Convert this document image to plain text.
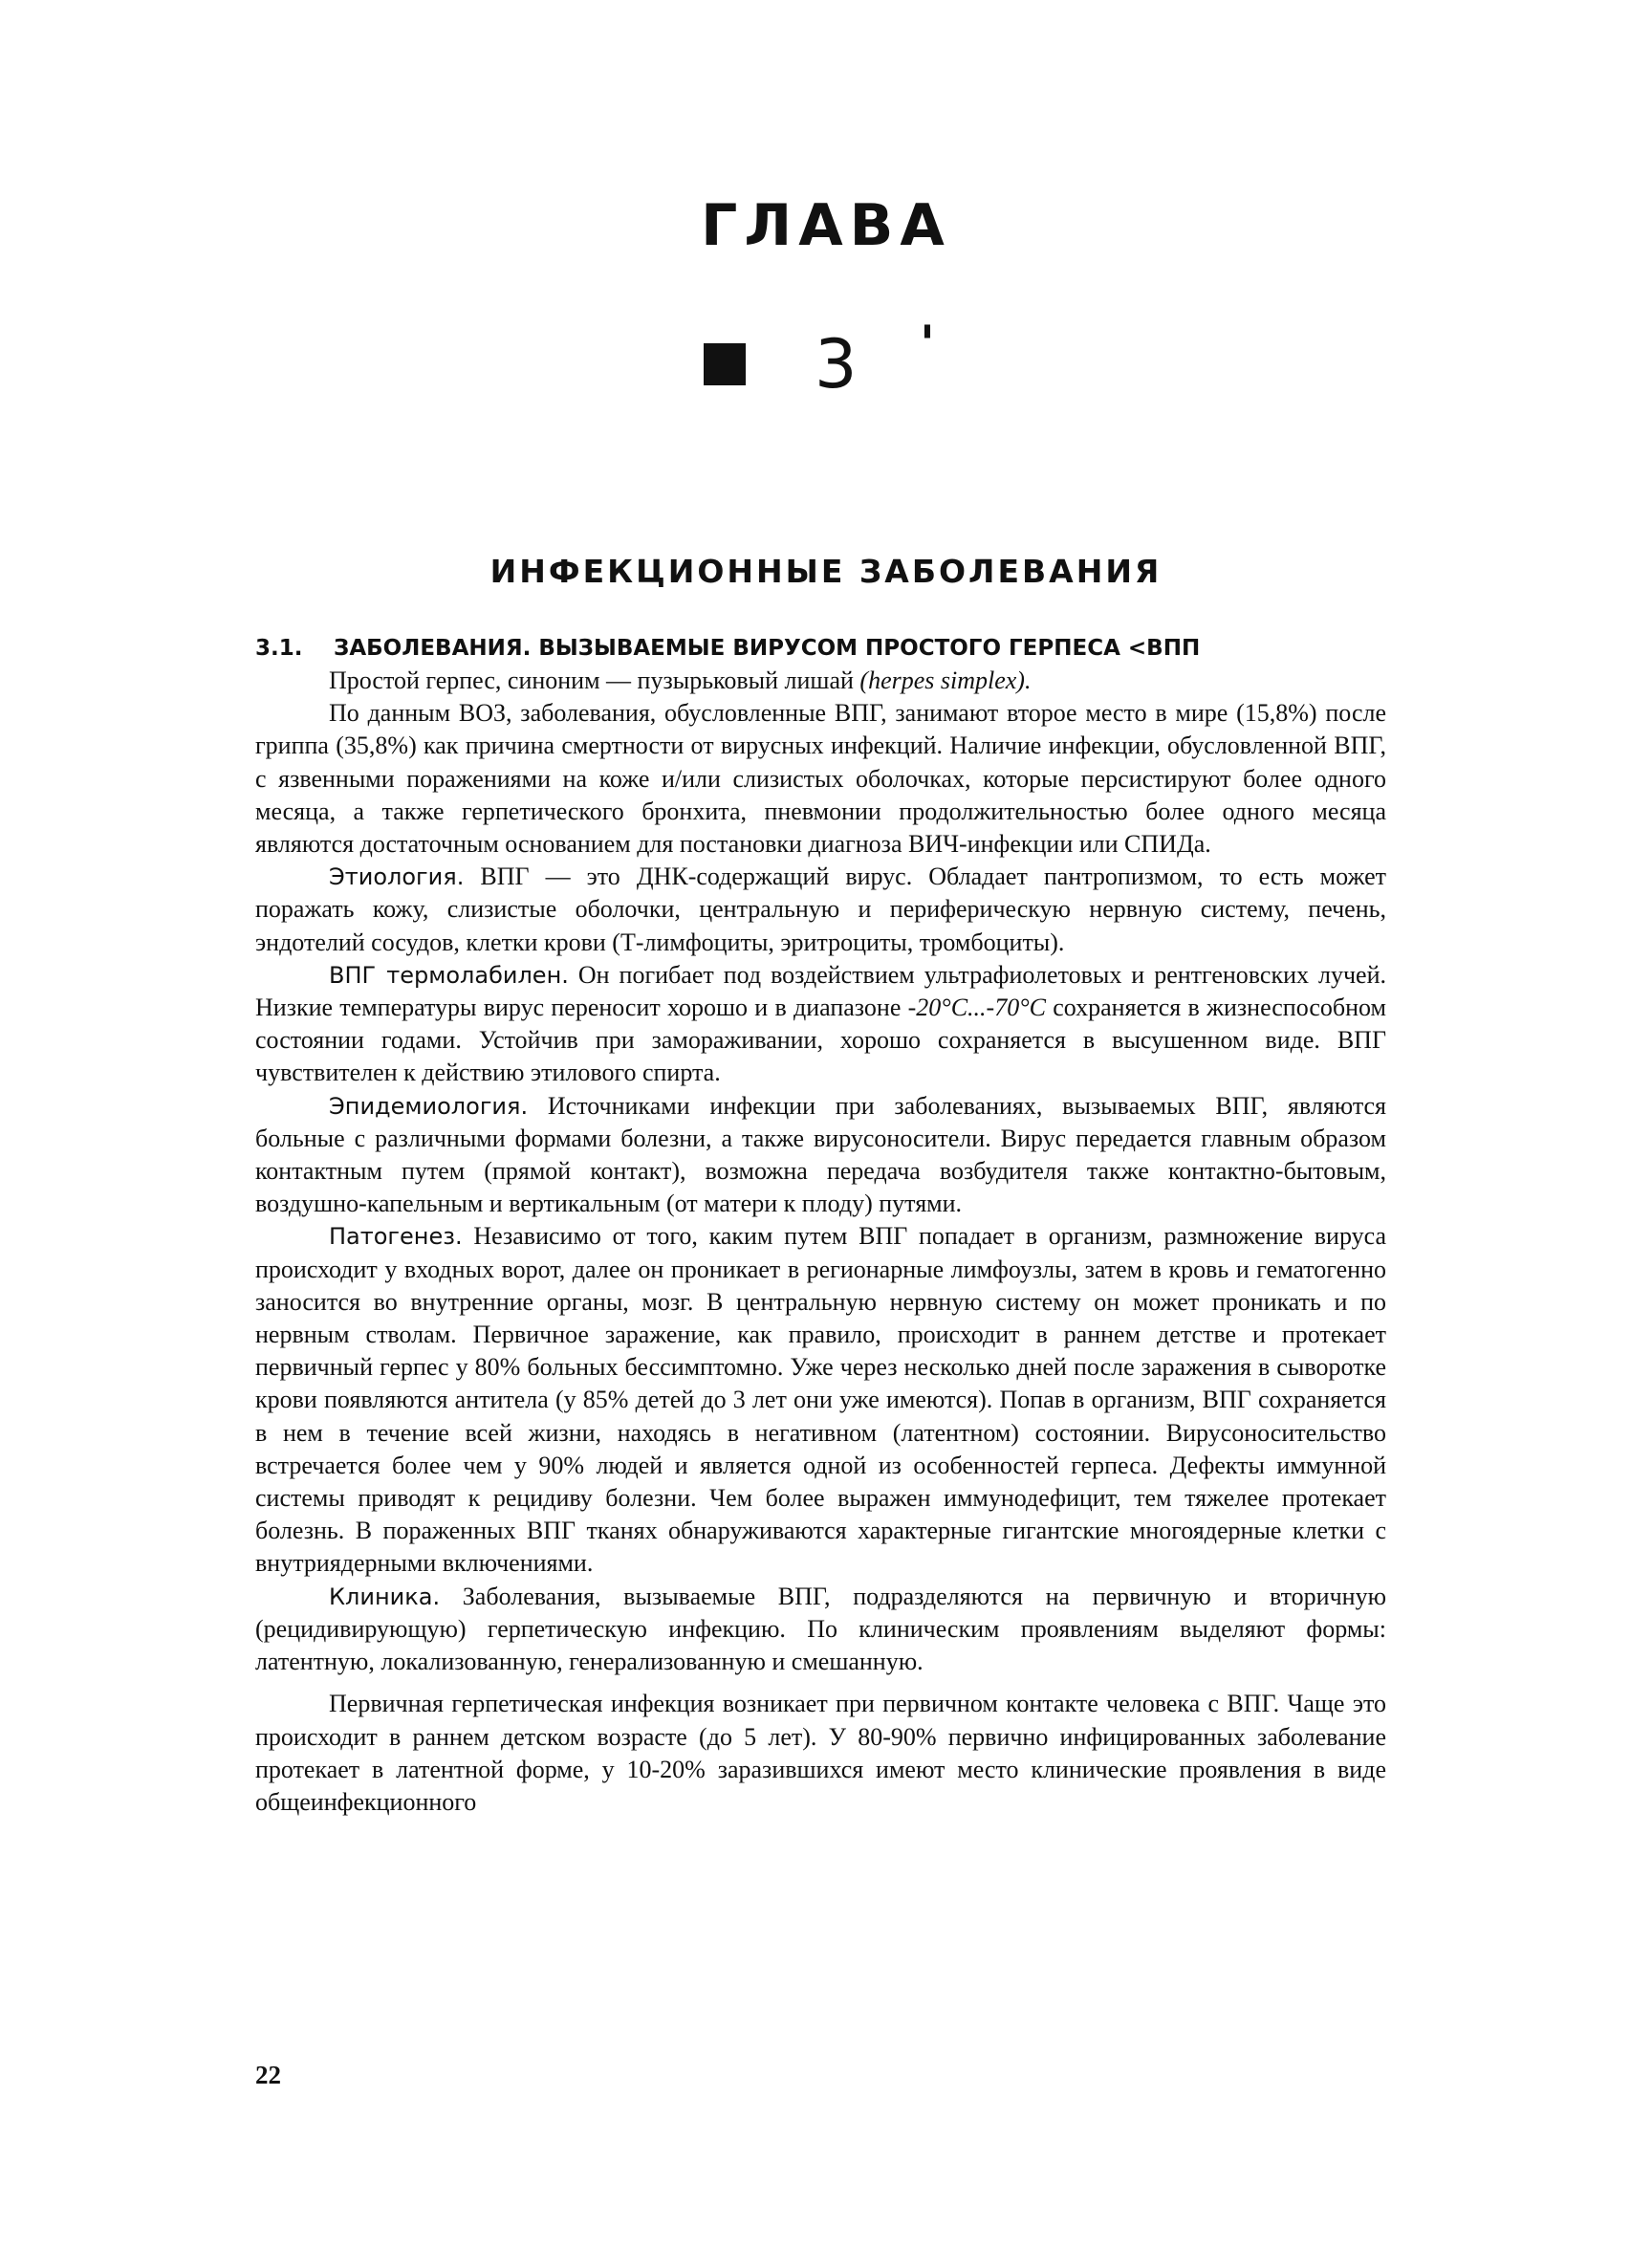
ГЛАВА
3	'
ИНФЕКЦИОННЫЕ ЗАБОЛЕВАНИЯ
3.1. ЗАБОЛЕВАНИЯ. ВЫЗЫВАЕМЫЕ ВИРУСОМ ПРОСТОГО ГЕРПЕСА <ВПП

Простой герпес, синоним — пузырьковый лишай (herpes simplex).

По данным ВОЗ, заболевания, обусловленные ВПГ, занимают второе место в мире (15,8%) после гриппа (35,8%) как причина смертности от вирусных инфекций. Наличие инфекции, обусловленной ВПГ, с язвенными поражениями на коже и/или слизистых оболочках, которые персистируют более одного месяца, а также герпетического бронхита, пневмонии продолжительностью более одного месяца являются достаточным основанием для постановки диагноза ВИЧ-инфекции или СПИДа.

Этиология. ВПГ — это ДНК-содержащий вирус. Обладает пантропизмом, то есть может поражать кожу, слизистые оболочки, центральную и периферическую нервную систему, печень, эндотелий сосудов, клетки крови (Т-лимфоциты, эритроциты, тромбоциты).

ВПГ термолабилен. Он погибает под воздействием ультрафиолетовых и рентгеновских лучей. Низкие температуры вирус переносит хорошо и в диапазоне -20°С...-70°С сохраняется в жизнеспособном состоянии годами. Устойчив при замораживании, хорошо сохраняется в высушенном виде. ВПГ чувствителен к действию этилового спирта.

Эпидемиология. Источниками инфекции при заболеваниях, вызываемых ВПГ, являются больные с различными формами болезни, а также вирусоносители. Вирус передается главным образом контактным путем (прямой контакт), возможна передача возбудителя также контактно-бытовым, воздушно-капельным и вертикальным (от матери к плоду) путями.

Патогенез. Независимо от того, каким путем ВПГ попадает в организм, размножение вируса происходит у входных ворот, далее он проникает в регионарные лимфоузлы, затем в кровь и гематогенно заносится во внутренние органы, мозг. В центральную нервную систему он может проникать и по нервным стволам. Первичное заражение, как правило, происходит в раннем детстве и протекает первичный герпес у 80% больных бессимптомно. Уже через несколько дней после заражения в сыворотке крови появляются антитела (у 85% детей до 3 лет они уже имеются). Попав в организм, ВПГ сохраняется в нем в течение всей жизни, находясь в негативном (латентном) состоянии. Вирусоносительство встречается более чем у 90% людей и является одной из особенностей герпеса. Дефекты иммунной системы приводят к рецидиву болезни. Чем более выражен иммунодефицит, тем тяжелее протекает болезнь. В пораженных ВПГ тканях обнаруживаются характерные гигантские многоядерные клетки с внутриядерными включениями.

Клиника. Заболевания, вызываемые ВПГ, подразделяются на первичную и вторичную (рецидивирующую) герпетическую инфекцию. По клиническим проявлениям выделяют формы: латентную, локализованную, генерализованную и смешанную.

Первичная герпетическая инфекция возникает при первичном контакте человека с ВПГ. Чаще это происходит в раннем детском возрасте (до 5 лет). У 80-90% первично инфицированных заболевание протекает в латентной форме, у 10-20% заразившихся имеют место клинические проявления в виде общеинфекционного

22
